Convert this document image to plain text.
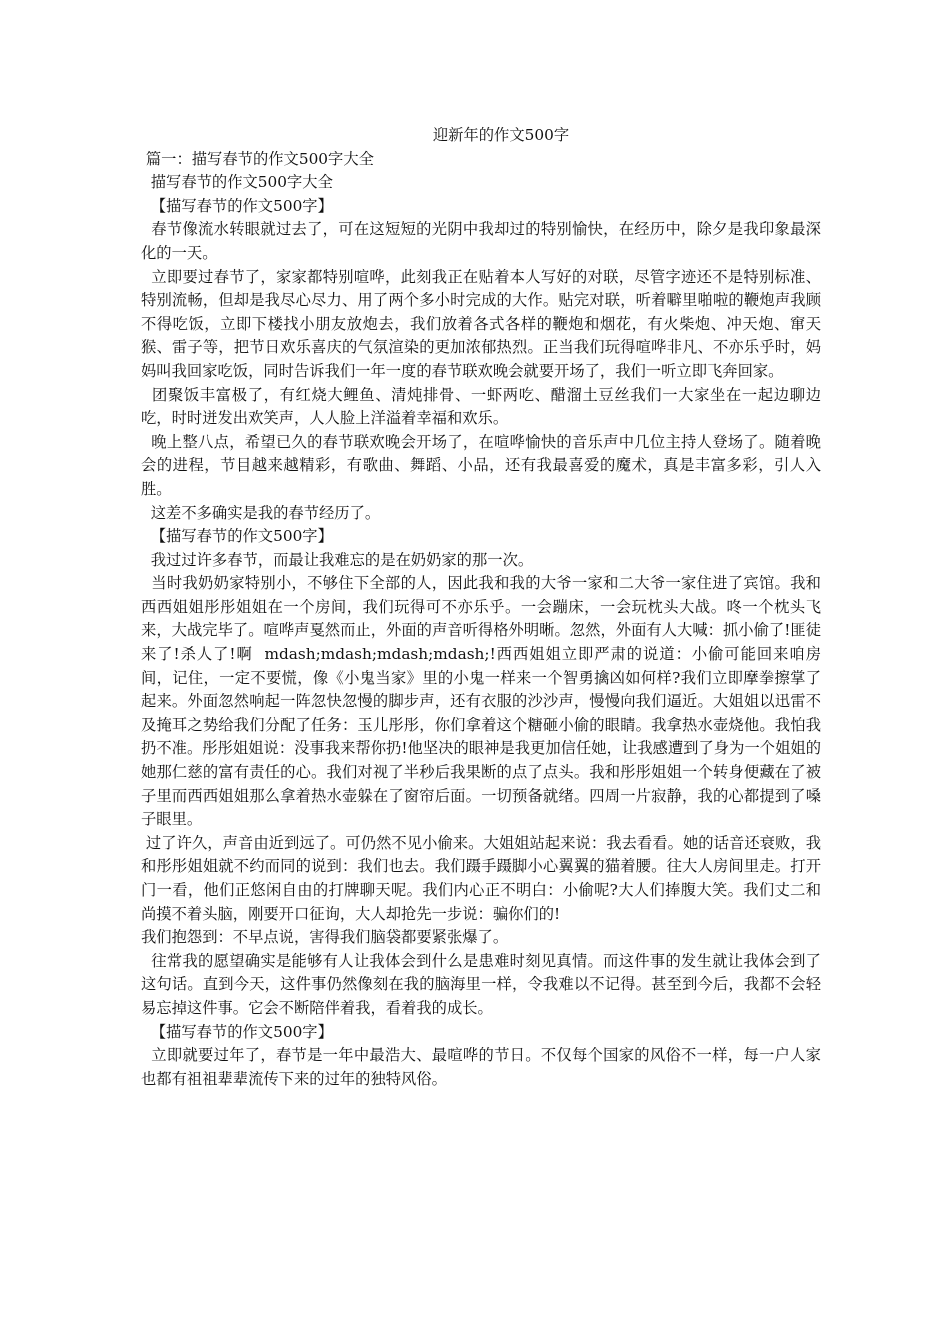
迎新年的作文500字
篇一：描写春节的作文500字大全
描写春节的作文500字大全
【描写春节的作文500字】
春节像流水转眼就过去了，可在这短短的光阴中我却过的特别愉快，在经历中，除夕是我印象最深化的一天。
立即要过春节了，家家都特别喧哗，此刻我正在贴着本人写好的对联，尽管字迹还不是特别标准、特别流畅，但却是我尽心尽力、用了两个多小时完成的大作。贴完对联，听着噼里啪啦的鞭炮声我顾不得吃饭，立即下楼找小朋友放炮去，我们放着各式各样的鞭炮和烟花，有火柴炮、冲天炮、窜天猴、雷子等，把节日欢乐喜庆的气氛渲染的更加浓郁热烈。正当我们玩得喧哗非凡、不亦乐乎时，妈妈叫我回家吃饭，同时告诉我们一年一度的春节联欢晚会就要开场了，我们一听立即飞奔回家。
团聚饭丰富极了，有红烧大鲤鱼、清炖排骨、一虾两吃、醋溜土豆丝我们一大家坐在一起边聊边吃，时时迸发出欢笑声，人人脸上洋溢着幸福和欢乐。
晚上整八点，希望已久的春节联欢晚会开场了，在喧哗愉快的音乐声中几位主持人登场了。随着晚会的进程，节目越来越精彩，有歌曲、舞蹈、小品，还有我最喜爱的魔术，真是丰富多彩，引人入胜。
这差不多确实是我的春节经历了。
【描写春节的作文500字】
我过过许多春节，而最让我难忘的是在奶奶家的那一次。
当时我奶奶家特别小，不够住下全部的人，因此我和我的大爷一家和二大爷一家住进了宾馆。我和西西姐姐彤彤姐姐在一个房间，我们玩得可不亦乐乎。一会蹦床，一会玩枕头大战。咚一个枕头飞来，大战完毕了。喧哗声戛然而止，外面的声音听得格外明晰。忽然，外面有人大喊：抓小偷了!匪徒来了!杀人了!啊  mdash;mdash;mdash;mdash;!西西姐姐立即严肃的说道：小偷可能回来咱房间，记住，一定不要慌，像《小鬼当家》里的小鬼一样来一个智勇擒凶如何样?我们立即摩拳擦掌了起来。外面忽然响起一阵忽快忽慢的脚步声，还有衣服的沙沙声，慢慢向我们逼近。大姐姐以迅雷不及掩耳之势给我们分配了任务：玉儿彤彤，你们拿着这个糖砸小偷的眼睛。我拿热水壶烧他。我怕我扔不准。彤彤姐姐说：没事我来帮你扔!他坚决的眼神是我更加信任她，让我感遭到了身为一个姐姐的她那仁慈的富有责任的心。我们对视了半秒后我果断的点了点头。我和彤彤姐姐一个转身便藏在了被子里而西西姐姐那么拿着热水壶躲在了窗帘后面。一切预备就绪。四周一片寂静，我的心都提到了嗓子眼里。
过了许久，声音由近到远了。可仍然不见小偷来。大姐姐站起来说：我去看看。她的话音还衰败，我和彤彤姐姐就不约而同的说到：我们也去。我们蹑手蹑脚小心翼翼的猫着腰。往大人房间里走。打开门一看，他们正悠闲自由的打牌聊天呢。我们内心正不明白：小偷呢?大人们捧腹大笑。我们丈二和尚摸不着头脑，刚要开口征询，大人却抢先一步说：骗你们的!
我们抱怨到：不早点说，害得我们脑袋都要紧张爆了。
往常我的愿望确实是能够有人让我体会到什么是患难时刻见真情。而这件事的发生就让我体会到了这句话。直到今天，这件事仍然像刻在我的脑海里一样，令我难以不记得。甚至到今后，我都不会轻易忘掉这件事。它会不断陪伴着我，看着我的成长。
【描写春节的作文500字】
立即就要过年了，春节是一年中最浩大、最喧哗的节日。不仅每个国家的风俗不一样，每一户人家也都有祖祖辈辈流传下来的过年的独特风俗。
